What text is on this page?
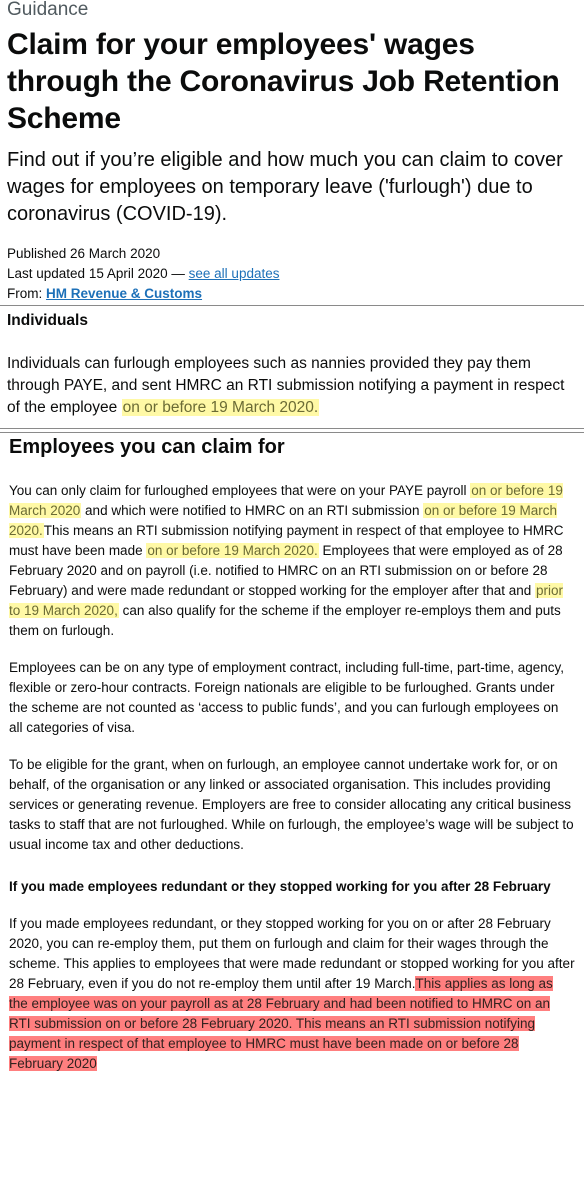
Guidance
Claim for your employees' wages through the Coronavirus Job Retention Scheme
Find out if you’re eligible and how much you can claim to cover wages for employees on temporary leave ('furlough') due to coronavirus (COVID-19).
Published 26 March 2020
Last updated 15 April 2020 — see all updates
From: HM Revenue & Customs
Individuals

Individuals can furlough employees such as nannies provided they pay them through PAYE, and sent HMRC an RTI submission notifying a payment in respect of the employee on or before 19 March 2020.

Employees you can claim for

You can only claim for furloughed employees that were on your PAYE payroll on or before 19 March 2020 and which were notified to HMRC on an RTI submission on or before 19 March 2020.This means an RTI submission notifying payment in respect of that employee to HMRC must have been made on or before 19 March 2020. Employees that were employed as of 28 February 2020 and on payroll (i.e. notified to HMRC on an RTI submission on or before 28 February) and were made redundant or stopped working for the employer after that and prior to 19 March 2020, can also qualify for the scheme if the employer re-employs them and puts them on furlough.

Employees can be on any type of employment contract, including full-time, part-time, agency, flexible or zero-hour contracts. Foreign nationals are eligible to be furloughed. Grants under the scheme are not counted as ‘access to public funds’, and you can furlough employees on all categories of visa.

To be eligible for the grant, when on furlough, an employee cannot undertake work for, or on behalf, of the organisation or any linked or associated organisation. This includes providing services or generating revenue. Employers are free to consider allocating any critical business tasks to staff that are not furloughed. While on furlough, the employee’s wage will be subject to usual income tax and other deductions.

If you made employees redundant or they stopped working for you after 28 February

If you made employees redundant, or they stopped working for you on or after 28 February 2020, you can re-employ them, put them on furlough and claim for their wages through the scheme. This applies to employees that were made redundant or stopped working for you after 28 February, even if you do not re-employ them until after 19 March.This applies as long as the employee was on your payroll as at 28 February and had been notified to HMRC on an RTI submission on or before 28 February 2020. This means an RTI submission notifying payment in respect of that employee to HMRC must have been made on or before 28 February 2020
